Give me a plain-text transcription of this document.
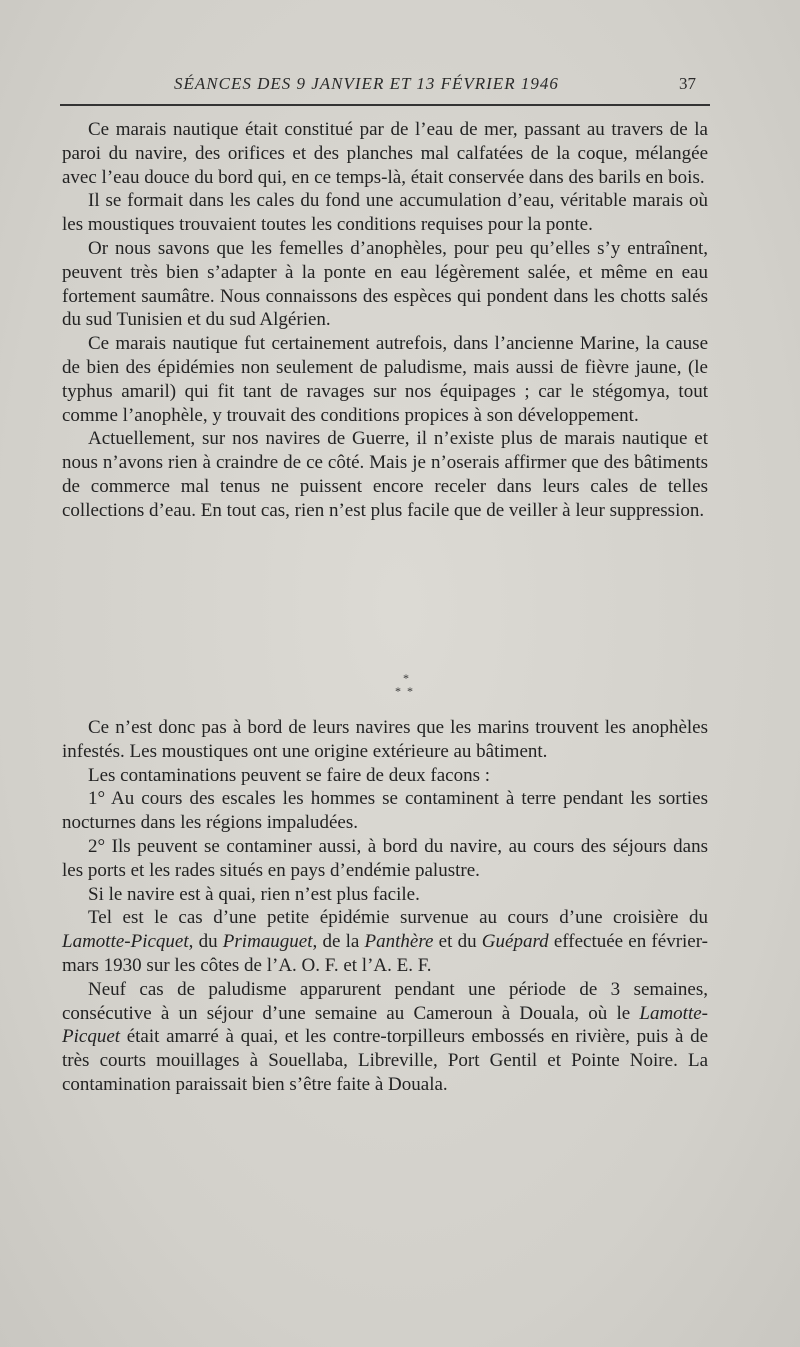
SÉANCES DES 9 JANVIER ET 13 FÉVRIER 1946	37

Ce marais nautique était constitué par de l’eau de mer, passant au travers de la paroi du navire, des orifices et des planches mal calfatées de la coque, mélangée avec l’eau douce du bord qui, en ce temps-là, était conservée dans des barils en bois.

Il se formait dans les cales du fond une accumulation d’eau, véritable marais où les moustiques trouvaient toutes les conditions requises pour la ponte.

Or nous savons que les femelles d’anophèles, pour peu qu’elles s’y entraînent, peuvent très bien s’adapter à la ponte en eau légèrement salée, et même en eau fortement saumâtre. Nous connaissons des espèces qui pondent dans les chotts salés du sud Tunisien et du sud Algérien.

Ce marais nautique fut certainement autrefois, dans l’ancienne Marine, la cause de bien des épidémies non seulement de paludisme, mais aussi de fièvre jaune, (le typhus amaril) qui fit tant de ravages sur nos équipages ; car le stégomya, tout comme l’anophèle, y trouvait des conditions propices à son développement.

Actuellement, sur nos navires de Guerre, il n’existe plus de marais nautique et nous n’avons rien à craindre de ce côté. Mais je n’oserais affirmer que des bâtiments de commerce mal tenus ne puissent encore receler dans leurs cales de telles collections d’eau. En tout cas, rien n’est plus facile que de veiller à leur suppression.

*
**

Ce n’est donc pas à bord de leurs navires que les marins trouvent les anophèles infestés. Les moustiques ont une origine extérieure au bâtiment.

Les contaminations peuvent se faire de deux facons :

1° Au cours des escales les hommes se contaminent à terre pendant les sorties nocturnes dans les régions impaludées.

2° Ils peuvent se contaminer aussi, à bord du navire, au cours des séjours dans les ports et les rades situés en pays d’endémie palustre.

Si le navire est à quai, rien n’est plus facile.

Tel est le cas d’une petite épidémie survenue au cours d’une croisière du Lamotte-Picquet, du Primauguet, de la Panthère et du Guépard effectuée en février-mars 1930 sur les côtes de l’A. O. F. et l’A. E. F.

Neuf cas de paludisme apparurent pendant une période de 3 semaines, consécutive à un séjour d’une semaine au Cameroun à Douala, où le Lamotte-Picquet était amarré à quai, et les contre-torpilleurs embossés en rivière, puis à de très courts mouillages à Souellaba, Libreville, Port Gentil et Pointe Noire. La contamination paraissait bien s’être faite à Douala.
